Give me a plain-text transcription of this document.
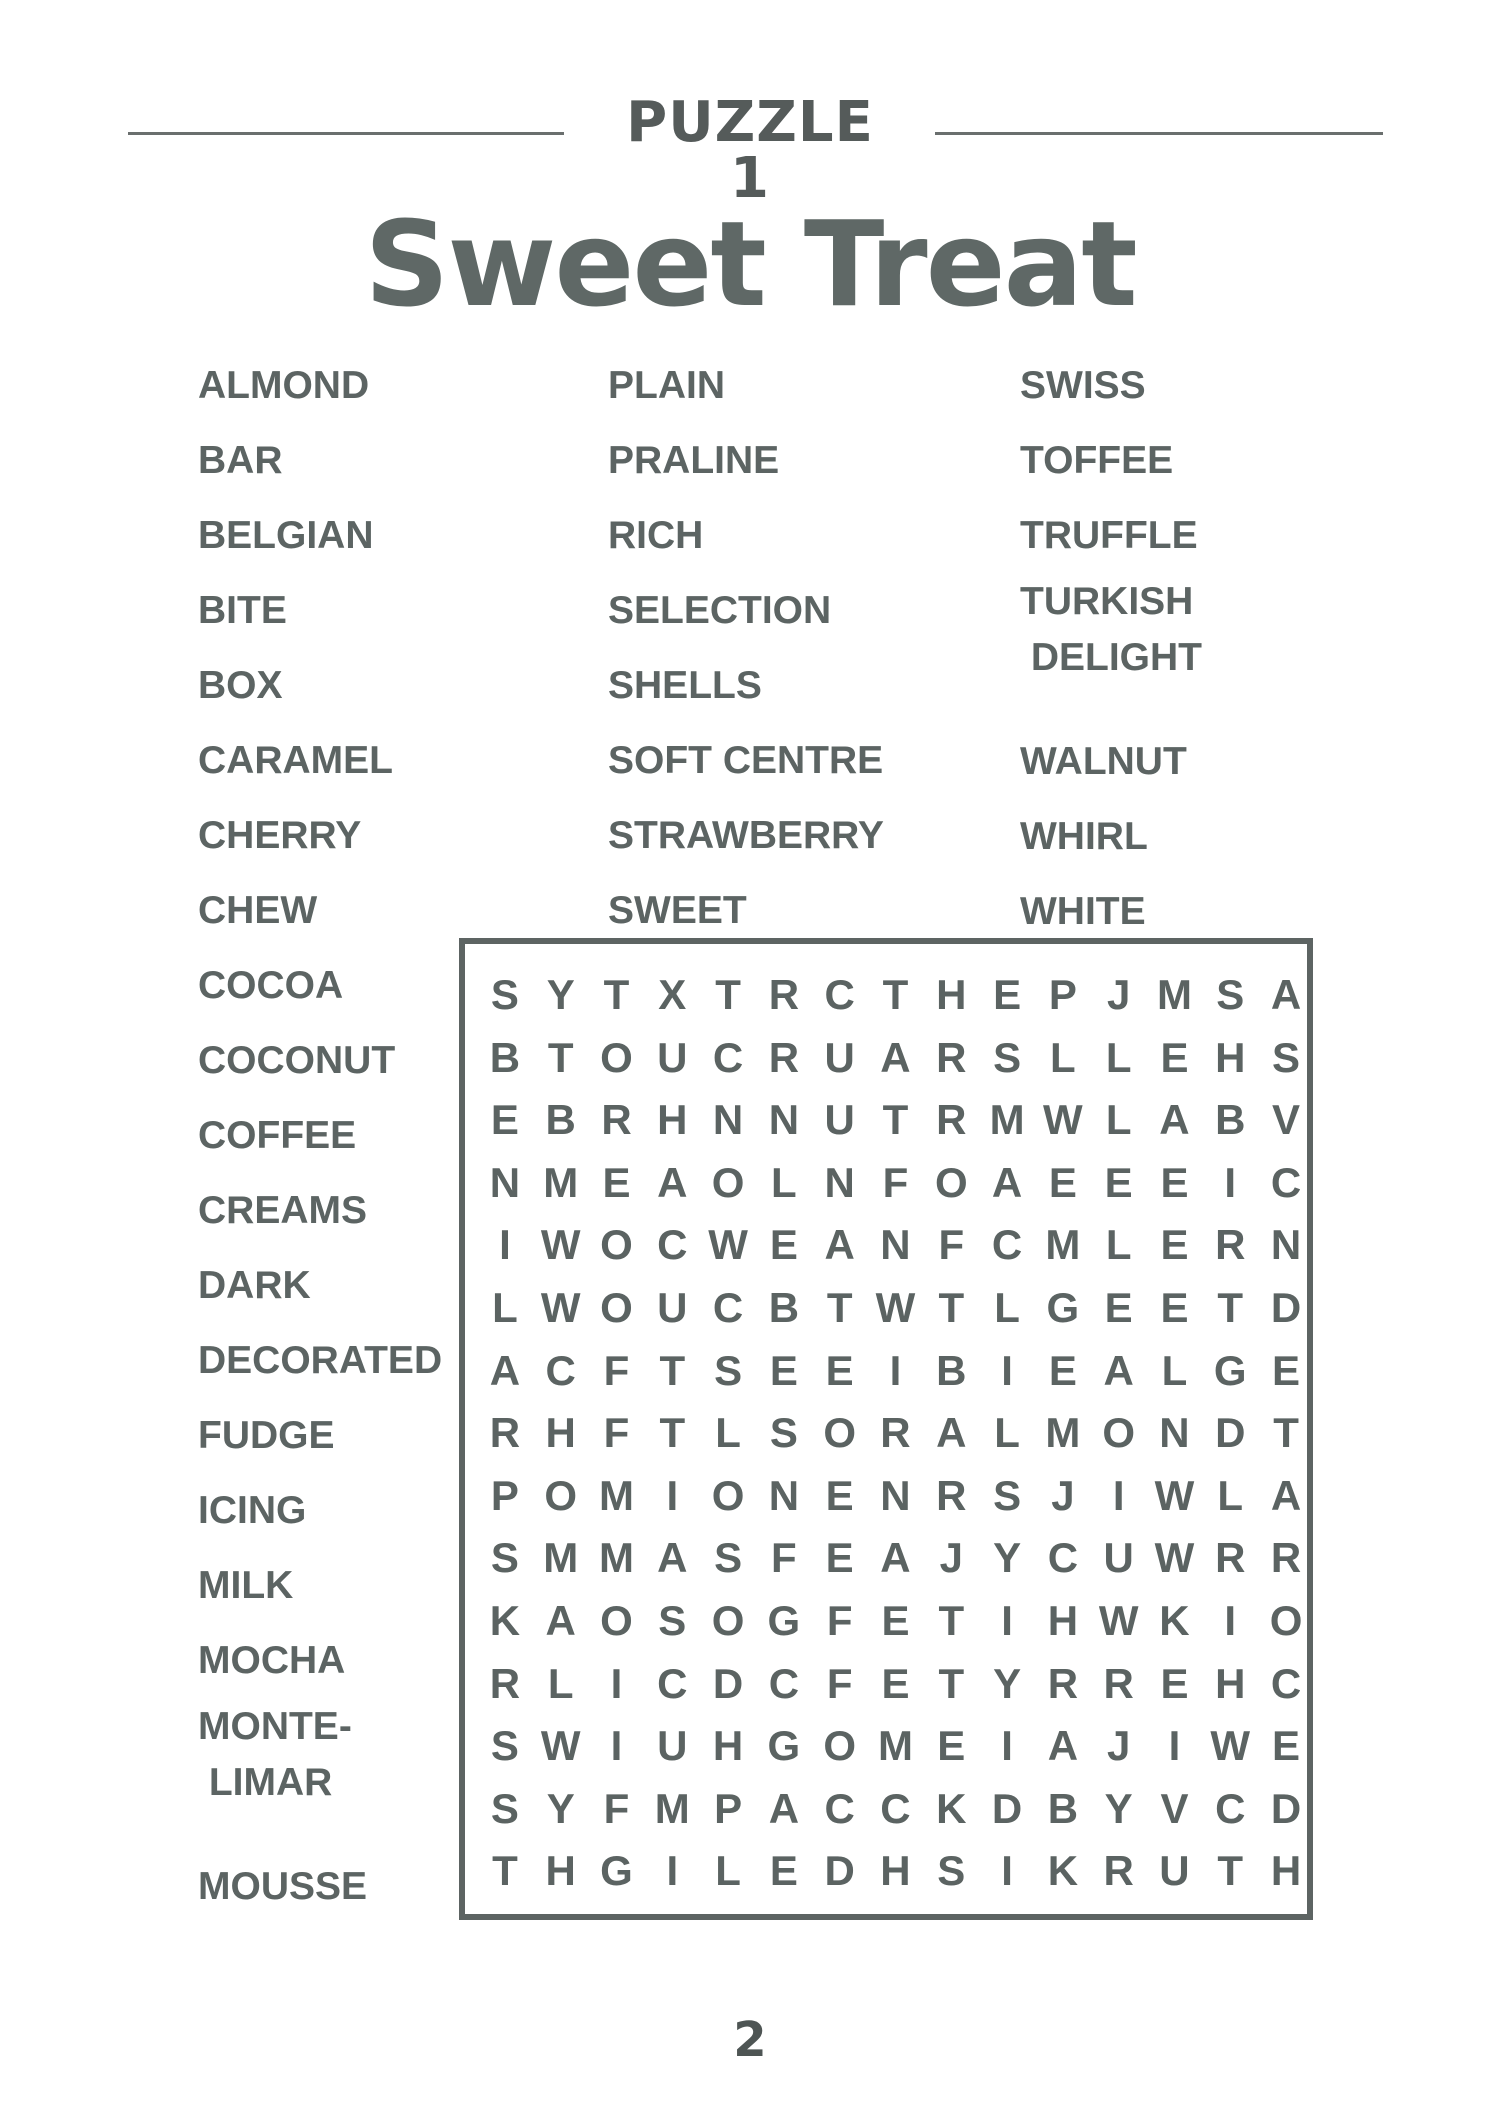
PUZZLE 1
Sweet Treat
ALMOND
BAR
BELGIAN
BITE
BOX
CARAMEL
CHERRY
CHEW
COCOA
COCONUT
COFFEE
CREAMS
DARK
DECORATED
FUDGE
ICING
MILK
MOCHA
MONTE-
LIMAR
MOUSSE
PLAIN
PRALINE
RICH
SELECTION
SHELLS
SOFT CENTRE
STRAWBERRY
SWEET
SWISS
TOFFEE
TRUFFLE
TURKISH
DELIGHT
WALNUT
WHIRL
WHITE
S Y T X T R C T H E P J M S A
B T O U C R U A R S L L E H S
E B R H N N U T R M W L A B V
N M E A O L N F O A E E E I C
I W O C W E A N F C M L E R N
L W O U C B T W T L G E E T D
A C F T S E E I B I E A L G E
R H F T L S O R A L M O N D T
P O M I O N E N R S J I W L A
S M M A S F E A J Y C U W R R
K A O S O G F E T I H W K I O
R L I C D C F E T Y R R E H C
S W I U H G O M E I A J I W E
S Y F M P A C C K D B Y V C D
T H G I L E D H S I K R U T H
2
